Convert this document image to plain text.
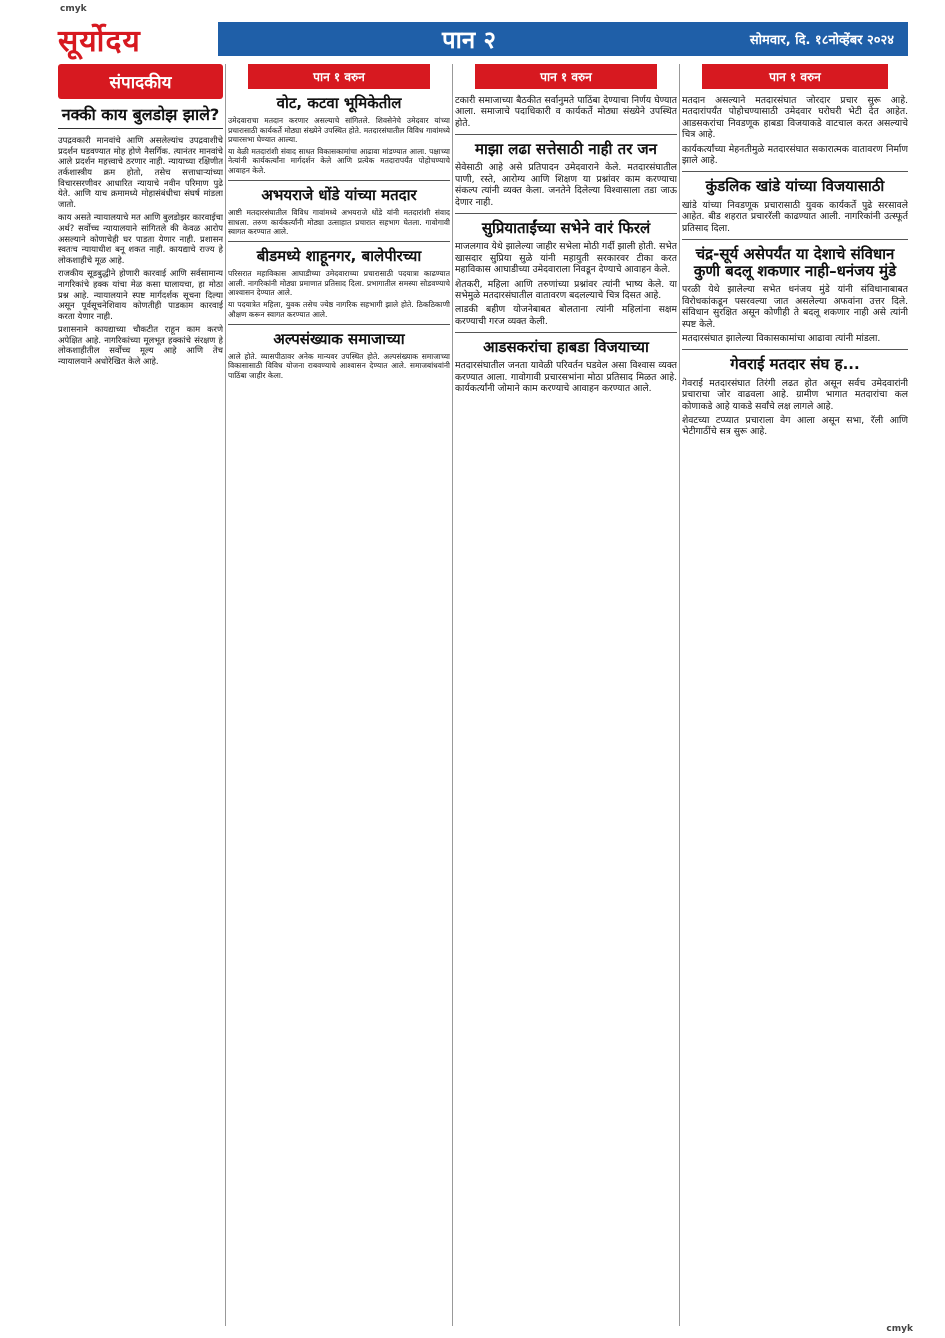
cmyk
सूर्योदय	पान २	सोमवार, दि. १८नोव्हेंबर २०२४
संपादकीय
नक्की काय बुलडोझ झाले?

उपद्रवकारी मानवांचे आणि असलेल्यांच उपद्रवाशीचे प्रदर्शन घडवण्यात मोह होणे नैसर्गिक. त्यानंतर मानवांचे आले प्रदर्शन महत्त्वाचे ठरणार नाही. न्यायाच्या रक्षिणीत तर्कशास्त्रीय क्रम होतो, तसेच सत्ताधाऱ्यांच्या विचारसरणीवर आधारित न्यायाचे नवीन परिमाण पुढे येते. आणि याच क्रमामध्ये मोहासंबंधीचा संघर्ष मांडला जातो.

काय असते न्यायालयाचे मत आणि बुलडोझर कारवाईचा अर्थ? सर्वोच्च न्यायालयाने सांगितले की केवळ आरोप असल्याने कोणाचेही घर पाडता येणार नाही. प्रशासन स्वतःच न्यायाधीश बनू शकत नाही. कायद्याचे राज्य हे लोकशाहीचे मूळ आहे.

राजकीय सूडबुद्धीने होणारी कारवाई आणि सर्वसामान्य नागरिकांचे हक्क यांचा मेळ कसा घालायचा, हा मोठा प्रश्न आहे. न्यायालयाने स्पष्ट मार्गदर्शक सूचना दिल्या असून पूर्वसूचनेशिवाय कोणतीही पाडकाम कारवाई करता येणार नाही.

प्रशासनाने कायद्याच्या चौकटीत राहून काम करणे अपेक्षित आहे. नागरिकांच्या मूलभूत हक्कांचे संरक्षण हे लोकशाहीतील सर्वोच्च मूल्य आहे आणि तेच न्यायालयाने अधोरेखित केले आहे.

पान १ वरुन
वोट, कटवा भूमिकेतील

उमेदवाराचा मतदान करणार असल्याचे सांगितले. शिवसेनेचे उमेदवार यांच्या प्रचारासाठी कार्यकर्ते मोठ्या संख्येने उपस्थित होते. मतदारसंघातील विविध गावांमध्ये प्रचारसभा घेण्यात आल्या.

या वेळी मतदारांशी संवाद साधत विकासकामांचा आढावा मांडण्यात आला. पक्षाच्या नेत्यांनी कार्यकर्त्यांना मार्गदर्शन केले आणि प्रत्येक मतदारापर्यंत पोहोचण्याचे आवाहन केले.

अभयराजे धोंडे यांच्या मतदार

आष्टी मतदारसंघातील विविध गावांमध्ये अभयराजे धोंडे यांनी मतदारांशी संवाद साधला. तरुण कार्यकर्त्यांनी मोठ्या उत्साहात प्रचारात सहभाग घेतला. गावोगावी स्वागत करण्यात आले.

बीडमध्ये शाहूनगर, बालेपीरच्या

परिसरात महाविकास आघाडीच्या उमेदवाराच्या प्रचारासाठी पदयात्रा काढण्यात आली. नागरिकांनी मोठ्या प्रमाणात प्रतिसाद दिला. प्रभागातील समस्या सोडवण्याचे आश्वासन देण्यात आले.

या पदयात्रेत महिला, युवक तसेच ज्येष्ठ नागरिक सहभागी झाले होते. ठिकठिकाणी औक्षण करून स्वागत करण्यात आले.

अल्पसंख्याक समाजाच्या

आले होते. व्यासपीठावर अनेक मान्यवर उपस्थित होते. अल्पसंख्याक समाजाच्या विकासासाठी विविध योजना राबवण्याचे आश्वासन देण्यात आले. समाजबांधवांनी पाठिंबा जाहीर केला.

पान १ वरुन

टकारी समाजाच्या बैठकीत सर्वानुमते पाठिंबा देण्याचा निर्णय घेण्यात आला. समाजाचे पदाधिकारी व कार्यकर्ते मोठ्या संख्येने उपस्थित होते.

माझा लढा सत्तेसाठी नाही तर जन

सेवेसाठी आहे असे प्रतिपादन उमेदवाराने केले. मतदारसंघातील पाणी, रस्ते, आरोग्य आणि शिक्षण या प्रश्नांवर काम करण्याचा संकल्प त्यांनी व्यक्त केला. जनतेने दिलेल्या विश्वासाला तडा जाऊ देणार नाही.

सुप्रियाताईंच्या सभेने वारं फिरलं

माजलगाव येथे झालेल्या जाहीर सभेला मोठी गर्दी झाली होती. सभेत खासदार सुप्रिया सुळे यांनी महायुती सरकारवर टीका करत महाविकास आघाडीच्या उमेदवाराला निवडून देण्याचे आवाहन केले.

शेतकरी, महिला आणि तरुणांच्या प्रश्नांवर त्यांनी भाष्य केले. या सभेमुळे मतदारसंघातील वातावरण बदलल्याचे चित्र दिसत आहे.

लाडकी बहीण योजनेबाबत बोलताना त्यांनी महिलांना सक्षम करण्याची गरज व्यक्त केली.

आडसकरांचा हाबडा विजयाच्या

मतदारसंघातील जनता यावेळी परिवर्तन घडवेल असा विश्वास व्यक्त करण्यात आला. गावोगावी प्रचारसभांना मोठा प्रतिसाद मिळत आहे. कार्यकर्त्यांनी जोमाने काम करण्याचे आवाहन करण्यात आले.

पान १ वरुन

मतदान असल्याने मतदारसंघात जोरदार प्रचार सुरू आहे. मतदारांपर्यंत पोहोचण्यासाठी उमेदवार घरोघरी भेटी देत आहेत. आडसकरांचा निवडणूक हाबडा विजयाकडे वाटचाल करत असल्याचे चित्र आहे.

कार्यकर्त्यांच्या मेहनतीमुळे मतदारसंघात सकारात्मक वातावरण निर्माण झाले आहे.

कुंडलिक खांडे यांच्या विजयासाठी

खांडे यांच्या निवडणूक प्रचारासाठी युवक कार्यकर्ते पुढे सरसावले आहेत. बीड शहरात प्रचाररॅली काढण्यात आली. नागरिकांनी उत्स्फूर्त प्रतिसाद दिला.

चंद्र-सूर्य असेपर्यंत या देशाचे संविधान कुणी बदलू शकणार नाही–धनंजय मुंडे

परळी येथे झालेल्या सभेत धनंजय मुंडे यांनी संविधानाबाबत विरोधकांकडून पसरवल्या जात असलेल्या अफवांना उत्तर दिले. संविधान सुरक्षित असून कोणीही ते बदलू शकणार नाही असे त्यांनी स्पष्ट केले.

मतदारसंघात झालेल्या विकासकामांचा आढावा त्यांनी मांडला.

गेवराई मतदार संघ ह...

गेवराई मतदारसंघात तिरंगी लढत होत असून सर्वच उमेदवारांनी प्रचाराचा जोर वाढवला आहे. ग्रामीण भागात मतदारांचा कल कोणाकडे आहे याकडे सर्वांचे लक्ष लागले आहे.

शेवटच्या टप्प्यात प्रचाराला वेग आला असून सभा, रॅली आणि भेटीगाठींचे सत्र सुरू आहे.

cmyk
